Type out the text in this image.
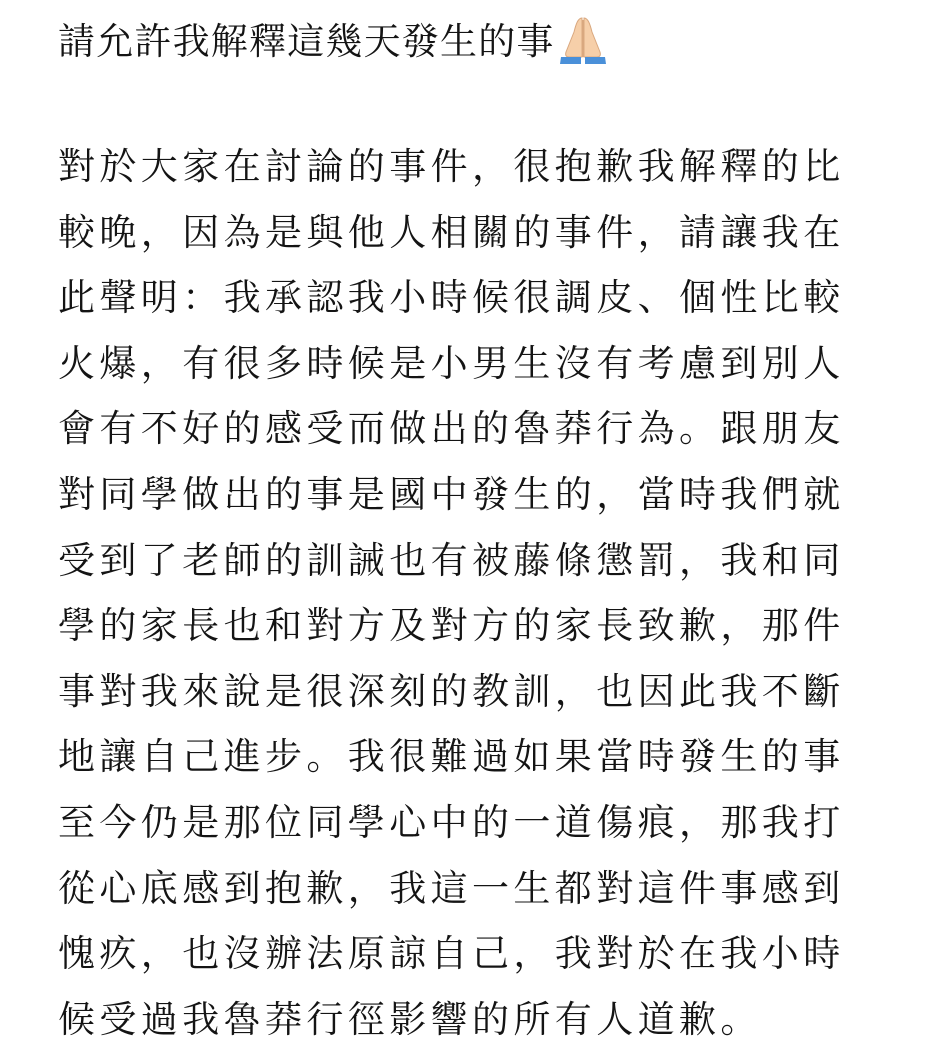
請允許我解釋這幾天發生的事
對於大家在討論的事件，很抱歉我解釋的比
較晚，因為是與他人相關的事件，請讓我在
此聲明：我承認我小時候很調皮、個性比較
火爆，有很多時候是小男生沒有考慮到別人
會有不好的感受而做出的魯莽行為。跟朋友
對同學做出的事是國中發生的，當時我們就
受到了老師的訓誡也有被藤條懲罰，我和同
學的家長也和對方及對方的家長致歉，那件
事對我來說是很深刻的教訓，也因此我不斷
地讓自己進步。我很難過如果當時發生的事
至今仍是那位同學心中的一道傷痕，那我打
從心底感到抱歉，我這一生都對這件事感到
愧疚，也沒辦法原諒自己，我對於在我小時
候受過我魯莽行徑影響的所有人道歉。
